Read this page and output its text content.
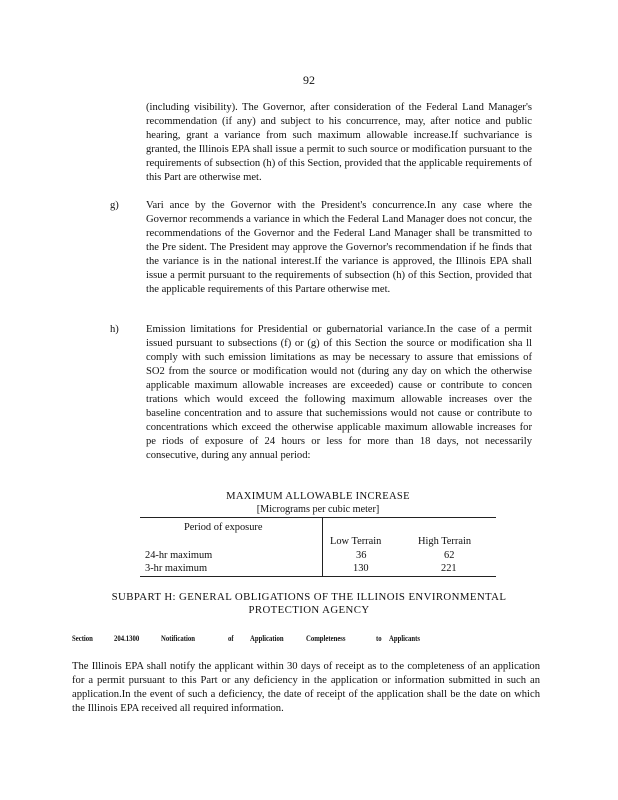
92
(including visibility). The Governor, after consideration of the Federal Land Manager's recommendation (if any) and subject to his concurrence, may, after notice and public hearing, grant a variance from such maximum allowable increase.If suchvariance is granted, the Illinois EPA shall issue a permit to such source or modification pursuant to the requirements of subsection (h) of this Section, provided that the applicable requirements of this Part are otherwise met.
g)	Vari ance by the Governor with the President's concurrence.In any case where the Governor recommends a variance in which the Federal Land Manager does not concur, the recommendations of the Governor and the Federal Land Manager shall be transmitted to the Pre sident. The President may approve the Governor's recommendation if he finds that the variance is in the national interest.If the variance is approved, the Illinois EPA shall issue a permit pursuant to the requirements of subsection (h) of this Section, provided that the applicable requirements of this Partare otherwise met.
h)	Emission limitations for Presidential or gubernatorial variance.In the case of a permit issued pursuant to subsections (f) or (g) of this Section the source or modification sha ll comply with such emission limitations as may be necessary to assure that emissions of SO2 from the source or modification would not (during any day on which the otherwise applicable maximum allowable increases are exceeded) cause or contribute to concen trations which would exceed the following maximum allowable increases over the baseline concentration and to assure that suchemissions would not cause or contribute to concentrations which exceed the otherwise applicable maximum allowable increases for pe riods of exposure of 24 hours or less for more than 18 days, not necessarily consecutive, during any annual period:
MAXIMUM ALLOWABLE INCREASE
[Micrograms per cubic meter]
Period of exposure
Low Terrain	High Terrain
24-hr maximum	36	62
3-hr maximum	130	221
SUBPART H: GENERAL OBLIGATIONS OF THE ILLINOIS ENVIRONMENTAL
PROTECTION AGENCY
Section	204.1300	Notification	of Application	Completeness	to Applicants
The Illinois EPA shall notify the applicant within 30 days of receipt as to the completeness of an application for a permit pursuant to this Part or any deficiency in the application or information submitted in such an application.In the event of such a deficiency, the date of receipt of the application shall be the date on which the Illinois EPA received all required information.
